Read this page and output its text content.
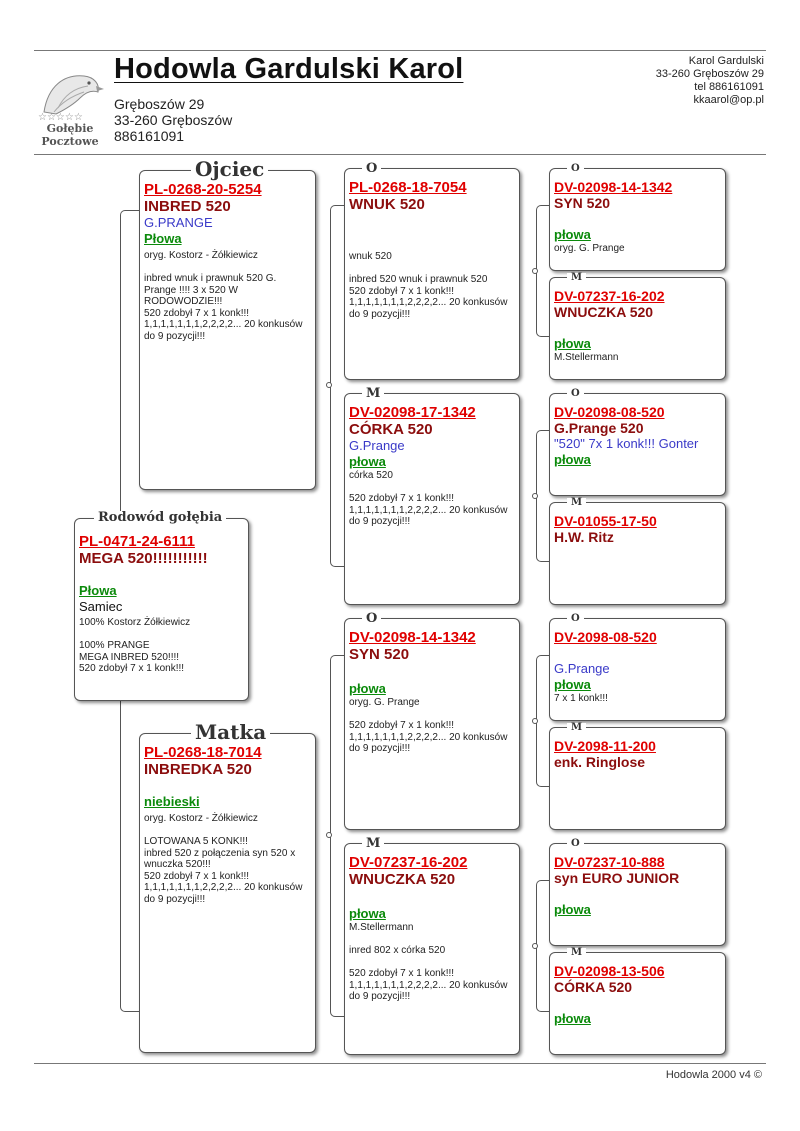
☆☆☆☆☆
Gołębie
Pocztowe
Hodowla Gardulski Karol
Gręboszów 29
33-260 Gręboszów
886161091
Karol Gardulski
33-260 Gręboszów 29
tel 886161091
kkaarol@op.pl
PL-0471-24-6111
MEGA 520!!!!!!!!!!!
Płowa
Samiec
100% Kostorz Żółkiewicz

100% PRANGE
MEGA INBRED 520!!!!
520 zdobył 7 x 1 konk!!!
Rodowód gołębia
PL-0268-20-5254
INBRED 520
G.PRANGE
Płowa
oryg. Kostorz - Żółkiewicz

inbred wnuk i prawnuk 520 G. Prange !!!! 3 x 520 W RODOWODZIE!!!
520 zdobył 7 x 1 konk!!!
1,1,1,1,1,1,1,2,2,2,2... 20 konkusów do 9 pozycji!!!
Ojciec
PL-0268-18-7014
INBREDKA 520
niebieski
oryg. Kostorz - Żółkiewicz

LOTOWANA 5 KONK!!!
inbred 520 z połączenia syn 520 x wnuczka 520!!!
520 zdobył 7 x 1 konk!!!
1,1,1,1,1,1,1,2,2,2,2... 20 konkusów do 9 pozycji!!!
Matka
PL-0268-18-7054
WNUK 520
wnuk 520

inbred 520 wnuk i prawnuk 520
520 zdobył 7 x 1 konk!!!
1,1,1,1,1,1,1,2,2,2,2... 20 konkusów do 9 pozycji!!!
O
DV-02098-17-1342
CÓRKA 520
G.Prange
płowa
córka 520

520 zdobył 7 x 1 konk!!!
1,1,1,1,1,1,1,2,2,2,2... 20 konkusów do 9 pozycji!!!
M
DV-02098-14-1342
SYN 520
płowa
oryg. G. Prange

520 zdobył 7 x 1 konk!!!
1,1,1,1,1,1,1,2,2,2,2... 20 konkusów do 9 pozycji!!!
O
DV-07237-16-202
WNUCZKA 520
płowa
M.Stellermann

inred 802 x córka 520

520 zdobył 7 x 1 konk!!!
1,1,1,1,1,1,1,2,2,2,2... 20 konkusów do 9 pozycji!!!
M
DV-02098-14-1342
SYN 520
płowa
oryg. G. Prange
O
DV-07237-16-202
WNUCZKA 520
płowa
M.Stellermann
M
DV-02098-08-520
G.Prange 520
"520" 7x 1 konk!!! Gonter
płowa
O
DV-01055-17-50
H.W. Ritz
M
DV-2098-08-520
G.Prange
płowa
7 x 1 konk!!!
O
DV-2098-11-200
enk. Ringlose
M
DV-07237-10-888
syn EURO JUNIOR
płowa
O
DV-02098-13-506
CÓRKA 520
płowa
M
Hodowla 2000 v4 ©
